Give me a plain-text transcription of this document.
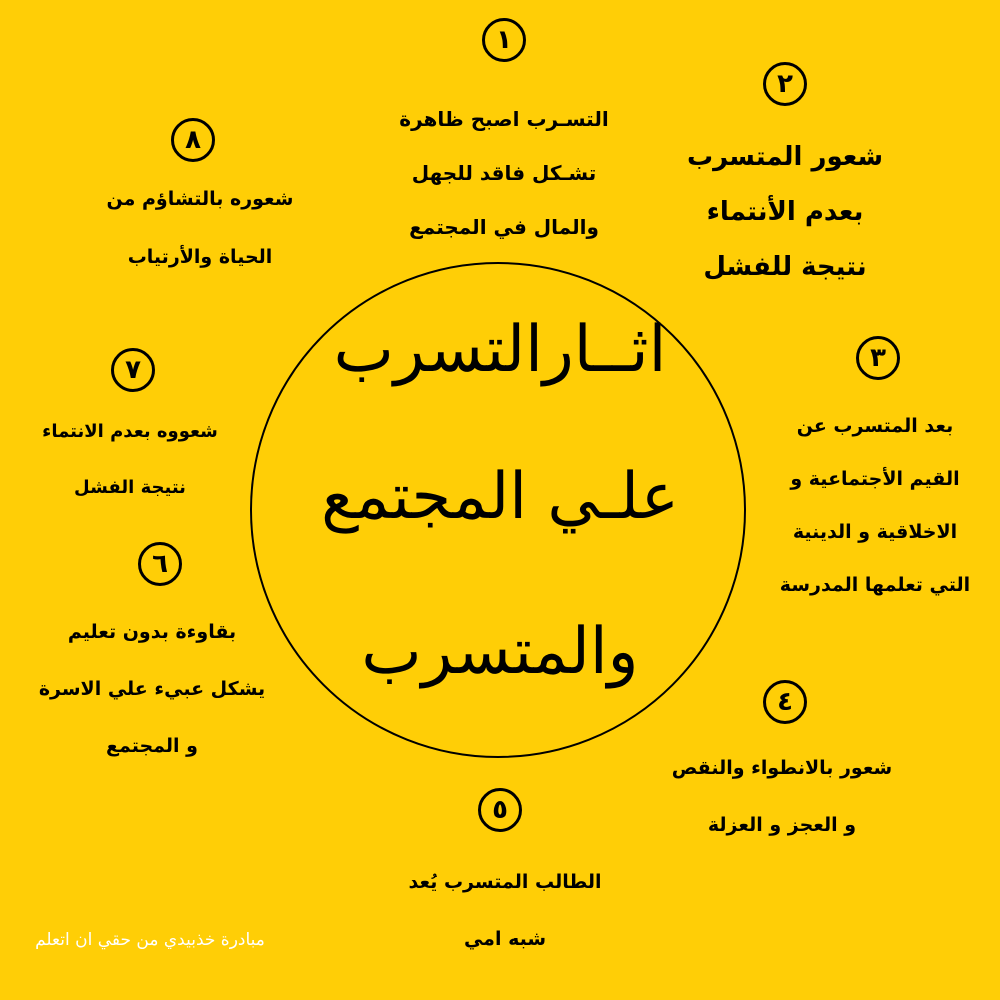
اثــارالتسرب
علـي المجتمع
والمتسرب
١
التسـرب اصبح ظاهرة
تشـكل فاقد للجهل
والمال في المجتمع
٢
شعور المتسرب
بعدم الأنتماء
نتيجة للفشل
٣
بعد المتسرب عن
القيم الأجتماعية و
الاخلاقية و الدينية
التي تعلمها المدرسة
٤
شعور بالانطواء والنقص
و العجز و العزلة
٥
الطالب المتسرب يُعد
شبه امي
٦
بقاوءة بدون تعليم
يشكل عبيء علي الاسرة
و المجتمع
٧
شعووه بعدم الانتماء
نتيجة الفشل
٨
شعوره بالتشاؤم من
الحياة والأرتياب
مبادرة خذبيدي من حقي ان اتعلم
